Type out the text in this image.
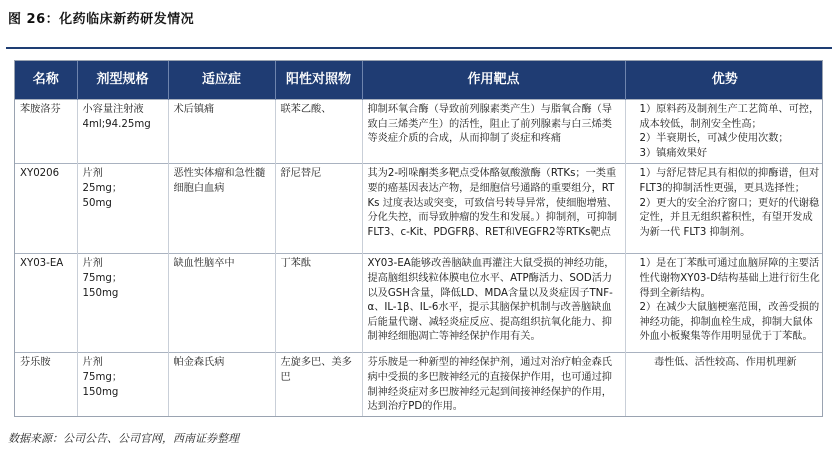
图 26：化药临床新药研发情况
名称	剂型规格	适应症	阳性对照物	作用靶点	优势

苯胺洛芬	小容量注射液
4ml;94.25mg	术后镇痛	联苯乙酸、	抑制环氧合酶（导致前列腺素类产生）与脂氧合酶（导致白三烯类产生）的活性，阻止了前列腺素与白三烯类等炎症介质的合成，从而抑制了炎症和疼痛	1）原料药及制剂生产工艺简单、可控，成本较低，制剂安全性高；
2）半衰期长，可减少使用次数；
3）镇痛效果好

XY0206	片剂
25mg；
50mg	恶性实体瘤和急性髓细胞白血病	舒尼替尼	其为2-吲哚酮类多靶点受体酪氨酸激酶（RTKs；一类重要的癌基因表达产物，是细胞信号通路的重要组分，RTKs 过度表达或突变，可致信号转导异常，使细胞增殖、分化失控，而导致肿瘤的发生和发展。）抑制剂，可抑制FLT3、c-Kit、PDGFRβ、RET和VEGFR2等RTKs靶点	1）与舒尼替尼具有相似的抑酶谱，但对FLT3的抑制活性更强，更具选择性；
2）更大的安全治疗窗口；更好的代谢稳定性，并且无组织蓄积性，有望开发成为新一代 FLT3 抑制剂。

XY03-EA	片剂
75mg；
150mg	缺血性脑卒中	丁苯酞	XY03-EA能够改善脑缺血再灌注大鼠受损的神经功能，提高脑组织线粒体膜电位水平、ATP酶活力、SOD活力以及GSH含量，降低LD、MDA含量以及炎症因子TNF-α、IL-1β、IL-6水平，提示其脑保护机制与改善脑缺血后能量代谢、减轻炎症反应、提高组织抗氧化能力、抑制神经细胞凋亡等神经保护作用有关。	1）是在丁苯酞可通过血脑屏障的主要活性代谢物XY03-D结构基础上进行衍生化得到全新结构。
2）在减少大鼠脑梗塞范围，改善受损的神经功能，抑制血栓生成，抑制大鼠体外血小板聚集等作用明显优于丁苯酞。

芬乐胺	片剂
75mg；
150mg	帕金森氏病	左旋多巴、美多巴	芬乐胺是一种新型的神经保护剂，通过对治疗帕金森氏病中受损的多巴胺神经元的直接保护作用，也可通过抑制神经炎症对多巴胺神经元起到间接神经保护的作用，达到治疗PD的作用。	毒性低、活性较高、作用机理新
数据来源：公司公告、公司官网，西南证券整理
